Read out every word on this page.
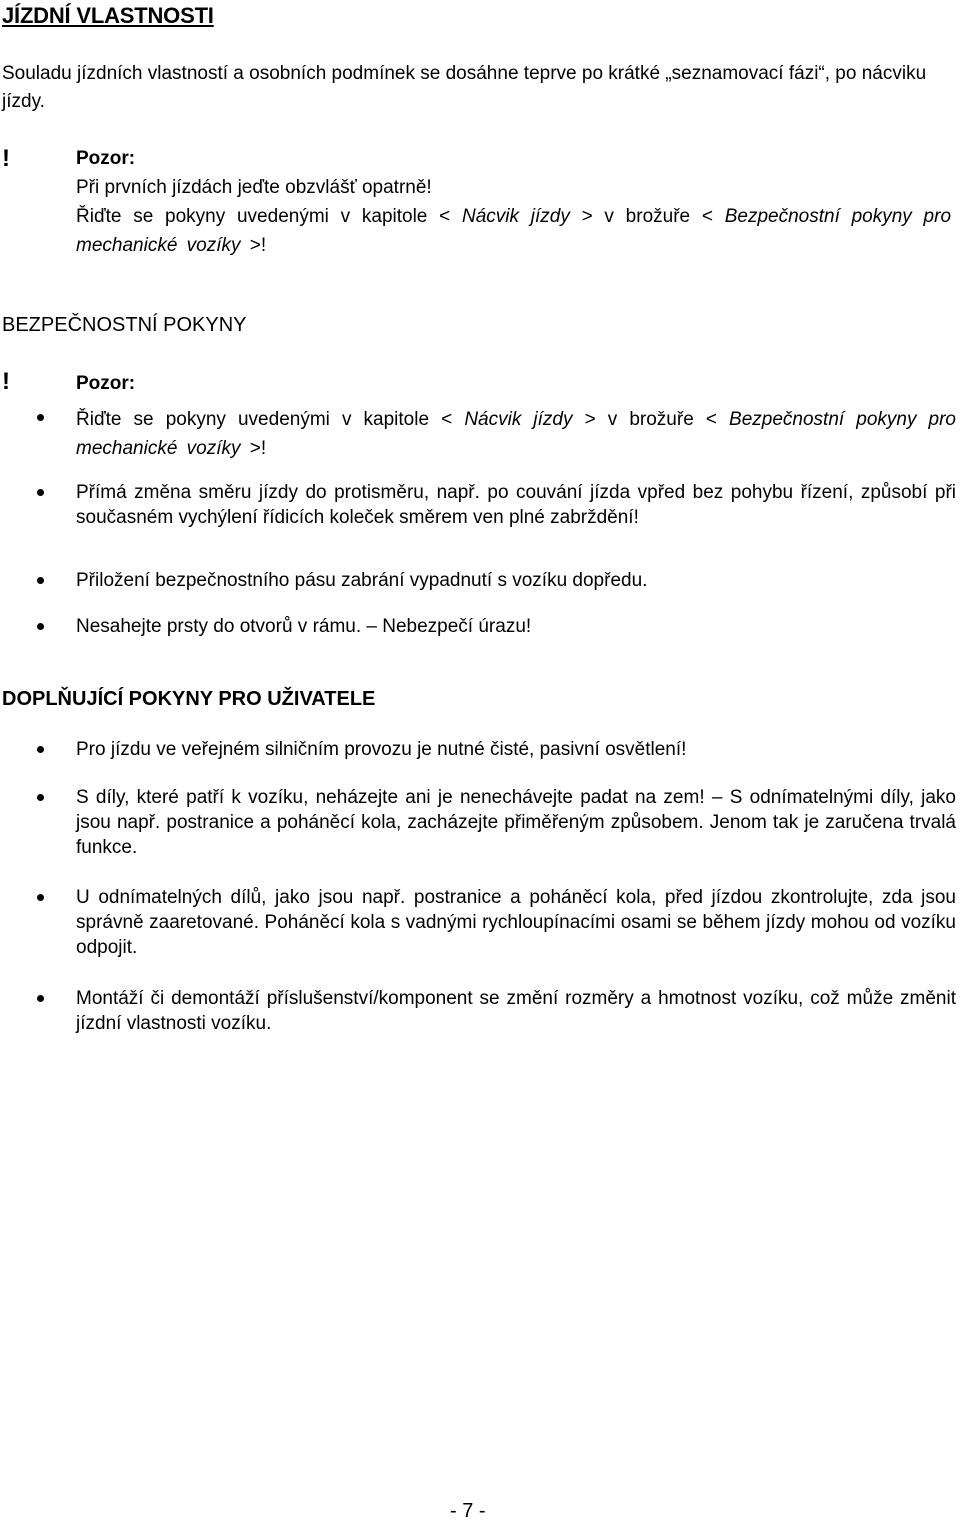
JÍZDNÍ VLASTNOSTI

Souladu jízdních vlastností a osobních podmínek se dosáhne teprve po krátké „seznamovací fázi“, po nácviku jízdy.

!	Pozor:
Při prvních jízdách jeďte obzvlášť opatrně!
Řiďte se pokyny uvedenými v kapitole < Nácvik jízdy > v brožuře < Bezpečnostní pokyny pro mechanické vozíky >!
BEZPEČNOSTNÍ POKYNY
!	Pozor:

Řiďte se pokyny uvedenými v kapitole < Nácvik jízdy > v brožuře < Bezpečnostní pokyny pro mechanické vozíky >!

Přímá změna směru jízdy do protisměru, např. po couvání jízda vpřed bez pohybu řízení, způsobí při současném vychýlení řídicích koleček směrem ven plné zabrždění!

Přiložení bezpečnostního pásu zabrání vypadnutí s vozíku dopředu.

Nesahejte prsty do otvorů v rámu. – Nebezpečí úrazu!

DOPLŇUJÍCÍ POKYNY PRO UŽIVATELE

Pro jízdu ve veřejném silničním provozu je nutné čisté, pasivní osvětlení!

S díly, které patří k vozíku, neházejte ani je nenechávejte padat na zem! – S odnímatelnými díly, jako jsou např. postranice a poháněcí kola, zacházejte přiměřeným způsobem. Jenom tak je zaručena trvalá funkce.

U odnímatelných dílů, jako jsou např. postranice a poháněcí kola, před jízdou zkontrolujte, zda jsou správně zaaretované. Poháněcí kola s vadnými rychloupínacími osami se během jízdy mohou od vozíku odpojit.

Montáží či demontáží příslušenství/komponent se změní rozměry a hmotnost vozíku, což může změnit jízdní vlastnosti vozíku.

- 7 -
